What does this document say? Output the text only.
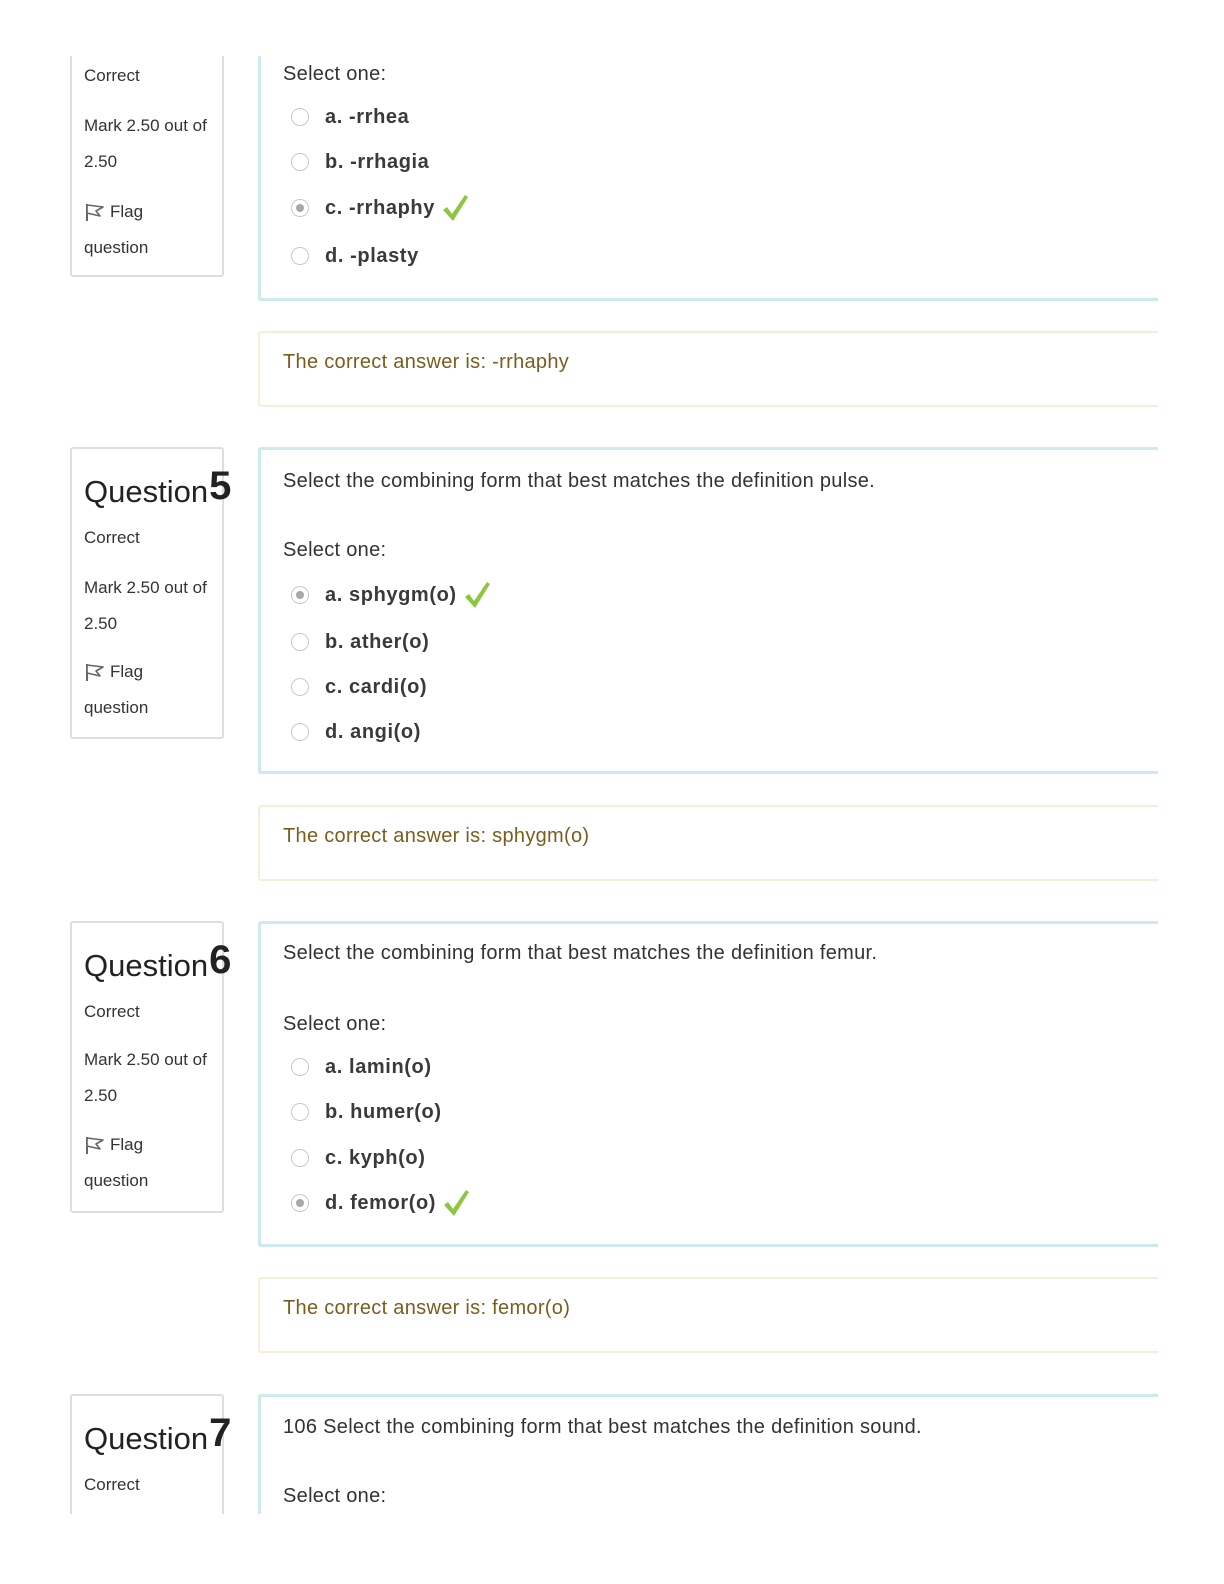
Correct
Mark 2.50 out of
2.50
Flag
question
Select one:
a. -rrhea
b. -rrhagia
c. -rrhaphy
d. -plasty
The correct answer is: -rrhaphy
Question5
Correct
Mark 2.50 out of
2.50
Flag
question
Select the combining form that best matches the definition pulse.
Select one:
a. sphygm(o)
b. ather(o)
c. cardi(o)
d. angi(o)
The correct answer is: sphygm(o)
Question6
Correct
Mark 2.50 out of
2.50
Flag
question
Select the combining form that best matches the definition femur.
Select one:
a. lamin(o)
b. humer(o)
c. kyph(o)
d. femor(o)
The correct answer is: femor(o)
Question7
Correct
106 Select the combining form that best matches the definition sound.
Select one:
